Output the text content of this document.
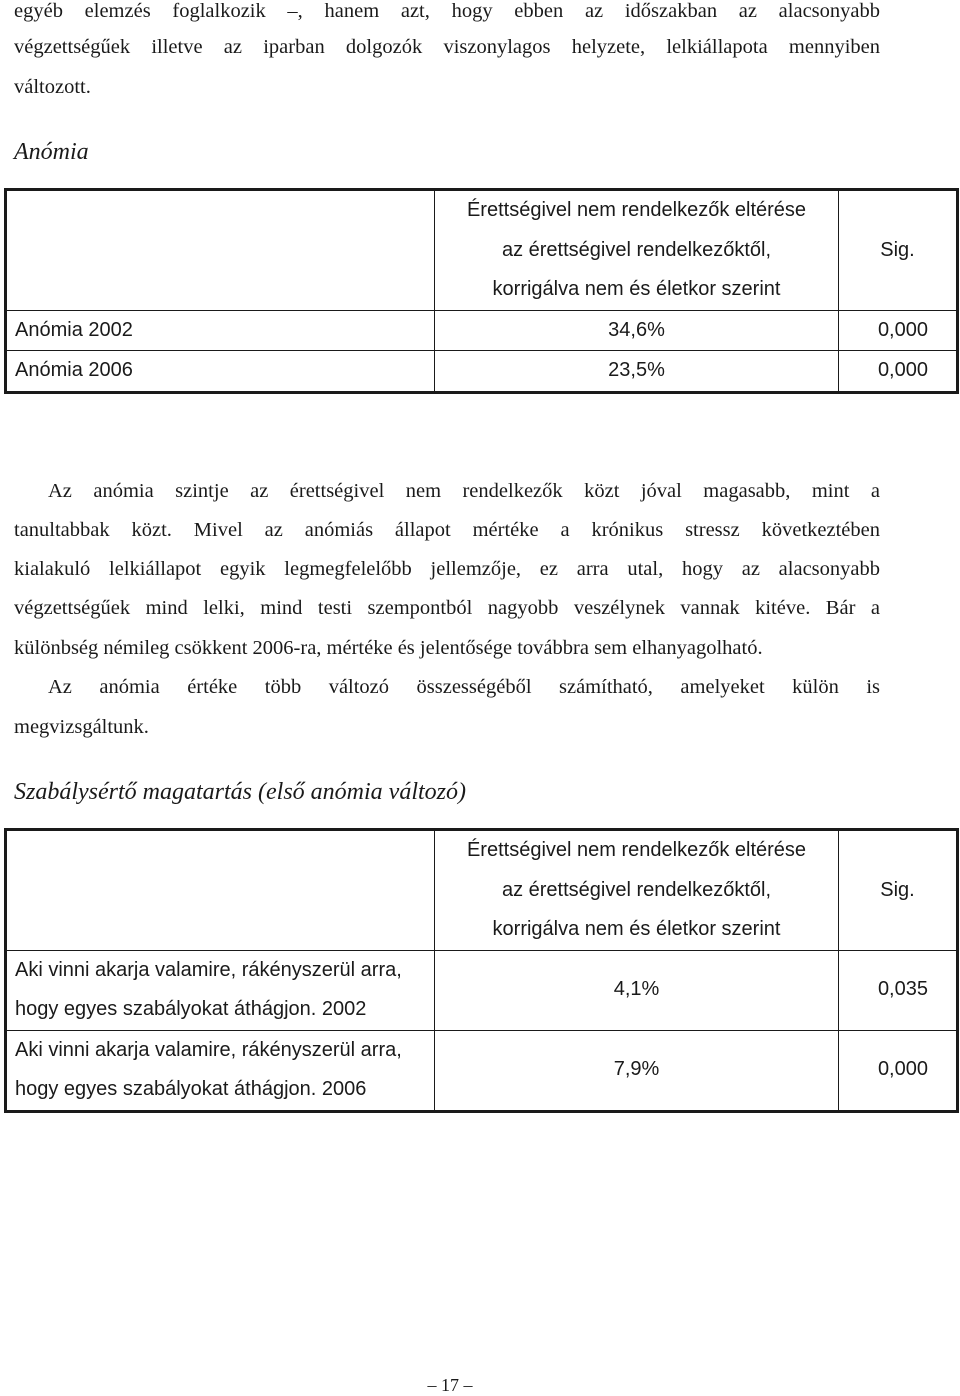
egyéb elemzés foglalkozik –, hanem azt, hogy ebben az időszakban az alacsonyabb
végzettségűek illetve az iparban dolgozók viszonylagos helyzete, lelkiállapota mennyiben
változott.
Anómia
	Érettségivel nem rendelkezők eltérése az érettségivel rendelkezőktől, korrigálva nem és életkor szerint	Sig.
Anómia 2002	34,6%	0,000
Anómia 2006	23,5%	0,000
Az anómia szintje az érettségivel nem rendelkezők közt jóval magasabb, mint a
tanultabbak közt. Mivel az anómiás állapot mértéke a krónikus stressz következtében
kialakuló lelkiállapot egyik legmegfelelőbb jellemzője, ez arra utal, hogy az alacsonyabb
végzettségűek mind lelki, mind testi szempontból nagyobb veszélynek vannak kitéve. Bár a
különbség némileg csökkent 2006-ra, mértéke és jelentősége továbbra sem elhanyagolható.
Az anómia értéke több változó összességéből számítható, amelyeket külön is
megvizsgáltunk.
Szabálysértő magatartás (első anómia változó)
	Érettségivel nem rendelkezők eltérése az érettségivel rendelkezőktől, korrigálva nem és életkor szerint	Sig.
Aki vinni akarja valamire, rákényszerül arra, hogy egyes szabályokat áthágjon. 2002	4,1%	0,035
Aki vinni akarja valamire, rákényszerül arra, hogy egyes szabályokat áthágjon. 2006	7,9%	0,000
– 17 –
